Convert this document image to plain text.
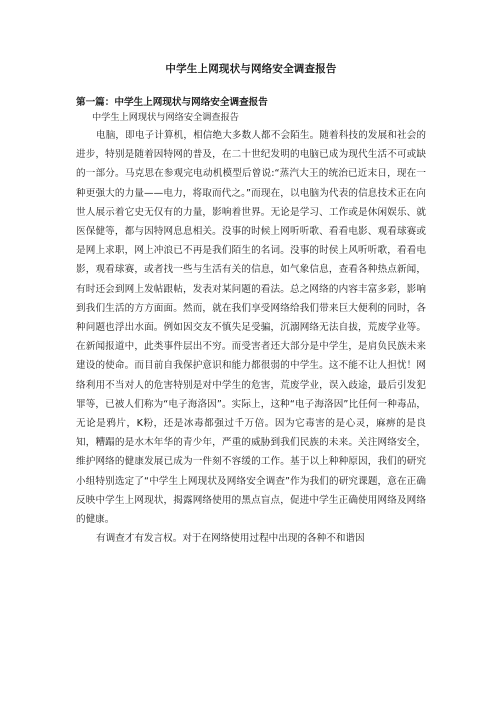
中学生上网现状与网络安全调查报告
第一篇：中学生上网现状与网络安全调查报告
中学生上网现状与网络安全调查报告

电脑，即电子计算机，相信绝大多数人都不会陌生。随着科技的发展和社会的进步，特别是随着因特网的普及，在二十世纪发明的电脑已成为现代生活不可或缺的一部分。马克思在参观完电动机模型后曾说:“蒸汽大王的统治已近末日，现在一种更强大的力量——电力，将取而代之。”而现在，以电脑为代表的信息技术正在向世人展示着它史无仅有的力量，影响着世界。无论是学习、工作或是休闲娱乐、就医保健等，都与因特网息息相关。没事的时候上网听听歌、看看电影、观看球赛或是网上求职，网上冲浪已不再是我们陌生的名词。没事的时侯上风听听歌，看看电影，观看球赛，或者找一些与生活有关的信息，如气象信息，查看各种热点新闻，有时还会到网上发帖跟帖，发表对某问题的看法。总之网络的内容丰富多彩，影响到我们生活的方方面面。然而，就在我们享受网络给我们带来巨大便利的同时，各种问题也浮出水面。例如因交友不慎失足受骗，沉溺网络无法自拔，荒废学业等。在新闻报道中，此类事件层出不穷。而受害者还大部分是中学生，是肩负民族未来建设的使命。而目前自我保护意识和能力都很弱的中学生。这不能不让人担忧！网络利用不当对人的危害特别是对中学生的危害，荒废学业，误入歧途，最后引发犯罪等，已被人们称为“电子海洛因”。实际上，这种“电子海洛因”比任何一种毒品，无论是鸦片，K粉，还是冰毒都强过千万倍。因为它毒害的是心灵，麻痹的是良知，糟蹋的是水木年华的青少年，严重的威胁到我们民族的未来。关注网络安全，维护网络的健康发展已成为一件刻不容缓的工作。基于以上种种原因，我们的研究小组特别选定了“中学生上网现状及网络安全调查”作为我们的研究课题，意在正确反映中学生上网现状，揭露网络使用的黑点盲点，促进中学生正确使用网络及网络的健康。

有调查才有发言权。对于在网络使用过程中出现的各种不和谐因
